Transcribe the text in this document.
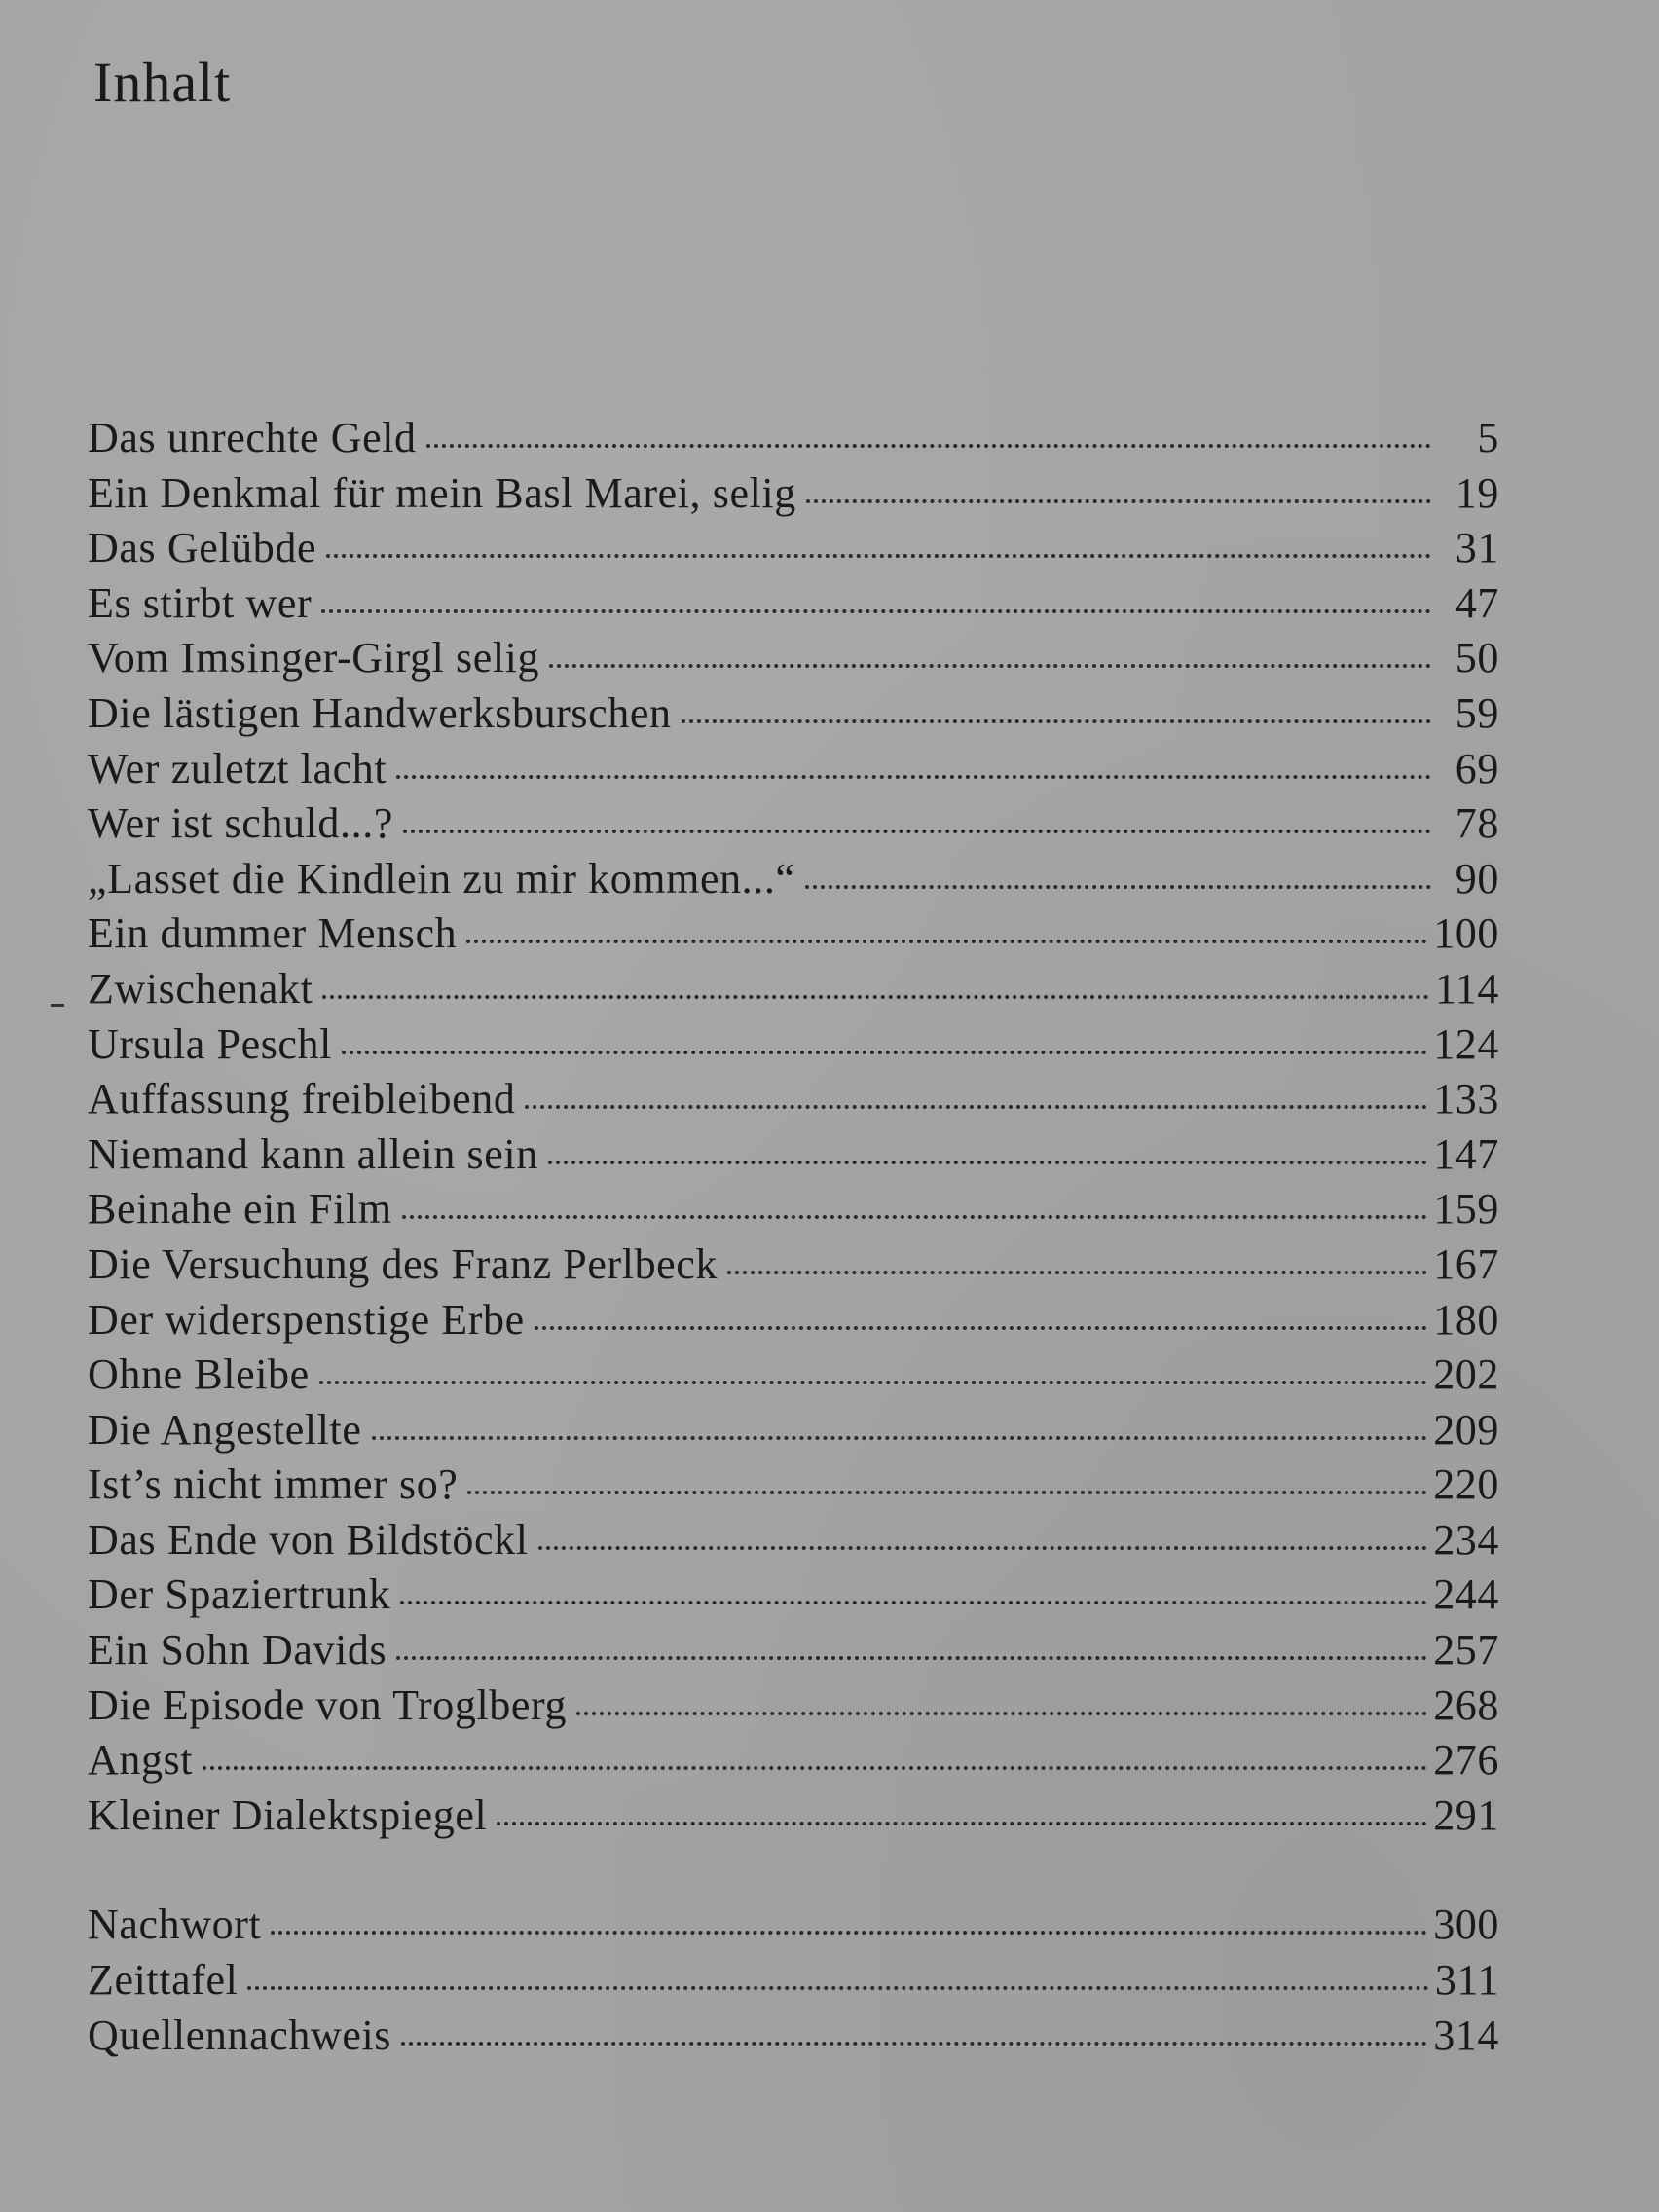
Inhalt
Das unrechte Geld	5
Ein Denkmal für mein Basl Marei, selig	19
Das Gelübde	31
Es stirbt wer	47
Vom Imsinger-Girgl selig	50
Die lästigen Handwerksburschen	59
Wer zuletzt lacht	69
Wer ist schuld...?	78
„Lasset die Kindlein zu mir kommen...“	90
Ein dummer Mensch	100
Zwischenakt	114
Ursula Peschl	124
Auffassung freibleibend	133
Niemand kann allein sein	147
Beinahe ein Film	159
Die Versuchung des Franz Perlbeck	167
Der widerspenstige Erbe	180
Ohne Bleibe	202
Die Angestellte	209
Ist’s nicht immer so?	220
Das Ende von Bildstöckl	234
Der Spaziertrunk	244
Ein Sohn Davids	257
Die Episode von Troglberg	268
Angst	276
Kleiner Dialektspiegel	291
Nachwort	300
Zeittafel	311
Quellennachweis	314
